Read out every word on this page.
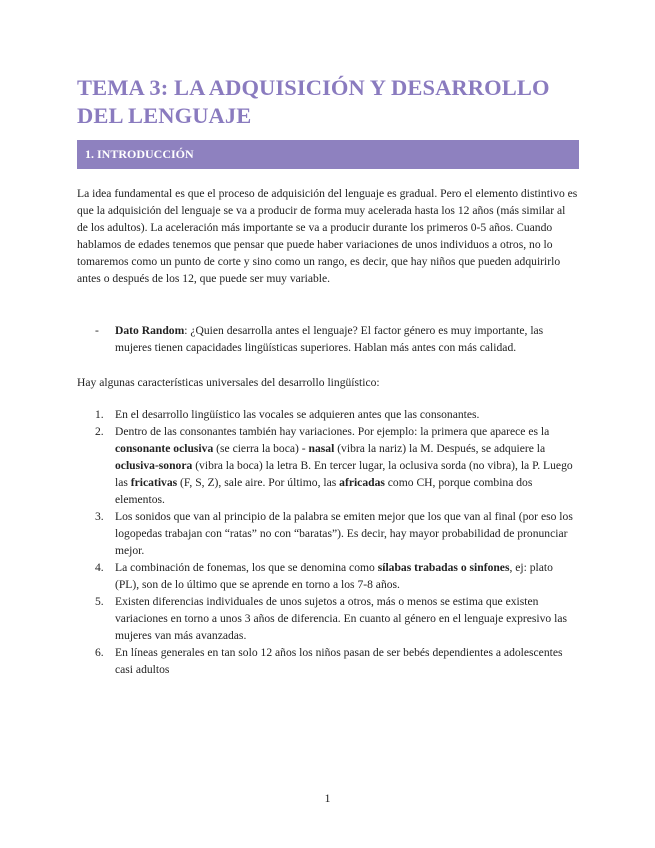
TEMA 3: LA ADQUISICIÓN Y DESARROLLO DEL LENGUAJE
1. INTRODUCCIÓN

La idea fundamental es que el proceso de adquisición del lenguaje es gradual. Pero el elemento distintivo es que la adquisición del lenguaje se va a producir de forma muy acelerada hasta los 12 años (más similar al de los adultos). La aceleración más importante se va a producir durante los primeros 0-5 años. Cuando hablamos de edades tenemos que pensar que puede haber variaciones de unos individuos a otros, no lo tomaremos como un punto de corte y sino como un rango, es decir, que hay niños que pueden adquirirlo antes o después de los 12, que puede ser muy variable.

- Dato Random: ¿Quien desarrolla antes el lenguaje? El factor género es muy importante, las mujeres tienen capacidades lingüísticas superiores. Hablan más antes con más calidad.

Hay algunas características universales del desarrollo lingüístico:

1. En el desarrollo lingüístico las vocales se adquieren antes que las consonantes.
2. Dentro de las consonantes también hay variaciones. Por ejemplo: la primera que aparece es la consonante oclusiva (se cierra la boca) - nasal (vibra la nariz) la M. Después, se adquiere la oclusiva-sonora (vibra la boca) la letra B. En tercer lugar, la oclusiva sorda (no vibra), la P. Luego las fricativas (F, S, Z), sale aire. Por último, las africadas como CH, porque combina dos elementos.
3. Los sonidos que van al principio de la palabra se emiten mejor que los que van al final (por eso los logopedas trabajan con “ratas” no con “baratas”). Es decir, hay mayor probabilidad de pronunciar mejor.
4. La combinación de fonemas, los que se denomina como sílabas trabadas o sinfones, ej: plato (PL), son de lo último que se aprende en torno a los 7-8 años.
5. Existen diferencias individuales de unos sujetos a otros, más o menos se estima que existen variaciones en torno a unos 3 años de diferencia. En cuanto al género en el lenguaje expresivo las mujeres van más avanzadas.
6. En líneas generales en tan solo 12 años los niños pasan de ser bebés dependientes a adolescentes casi adultos
1
